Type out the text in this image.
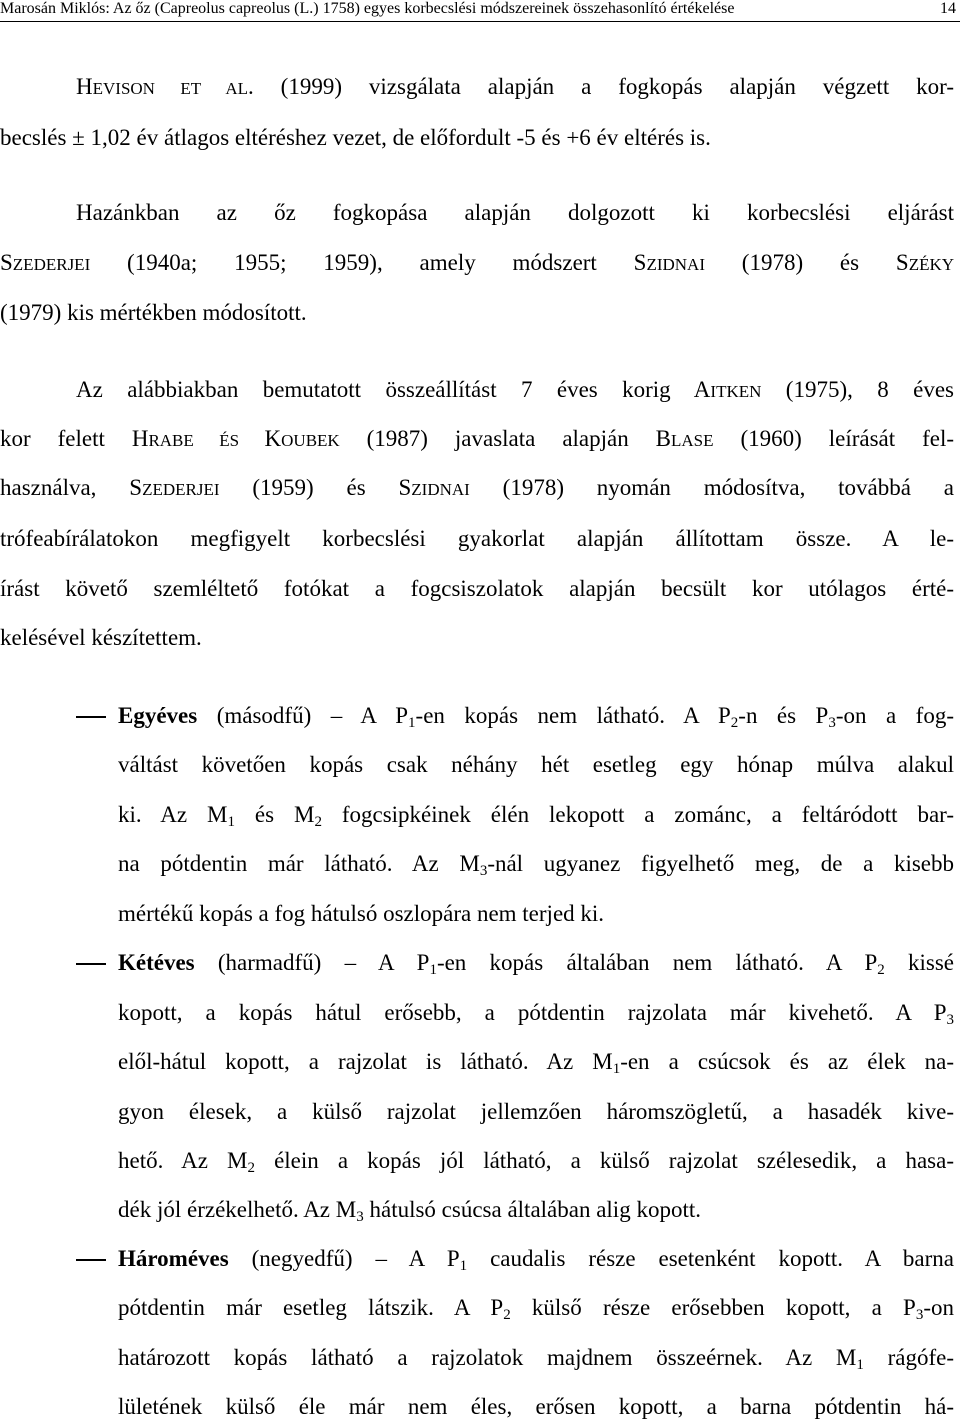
Marosán Miklós: Az őz (Capreolus capreolus (L.) 1758) egyes korbecslési módszereinek összehasonlító értékelése	14

HEVISON ET AL. (1999) vizsgálata alapján a fogkopás alapján végzett kor-

becslés ± 1,02 év átlagos eltéréshez vezet, de előfordult -5 és +6 év eltérés is.

Hazánkban az őz fogkopása alapján dolgozott ki korbecslési eljárást

SZEDERJEI (1940a; 1955; 1959), amely módszert SZIDNAI (1978) és SZÉKY

(1979) kis mértékben módosított.

Az alábbiakban bemutatott összeállítást 7 éves korig AITKEN (1975), 8 éves

kor felett HRABE ÉS KOUBEK (1987) javaslata alapján BLASE (1960) leírását fel-

használva, SZEDERJEI (1959) és SZIDNAI (1978) nyomán módosítva, továbbá a

trófeabírálatokon megfigyelt korbecslési gyakorlat alapján állítottam össze. A le-

írást követő szemléltető fotókat a fogcsiszolatok alapján becsült kor utólagos érté-

kelésével készítettem.

Egyéves (másodfű) – A $P_1-en$ kopás nem látható. A $P_2-n$ és $P_3-on$ a fog-

váltást követően kopás csak néhány hét esetleg egy hónap múlva alakul

ki. Az $M_1$ és $M_2$ fogcsipkéinek élén lekopott a zománc, a feltáródott bar-

na pótdentin már látható. Az $M_3$-nál ugyanez figyelhető meg, de a kisebb

mértékű kopás a fog hátulsó oszlopára nem terjed ki.

Kétéves (harmadfű) – A $P_1-en$ kopás általában nem látható. A $P_2$ kissé

kopott, a kopás hátul erősebb, a pótdentin rajzolata már kivehető. A $P_3$

elől-hátul kopott, a rajzolat is látható. Az $M_1-en$ a csúcsok és az élek na-

gyon élesek, a külső rajzolat jellemzően háromszögletű, a hasadék kive-

hető. Az $M_2$ élein a kopás jól látható, a külső rajzolat szélesedik, a hasa-

dék jól érzékelhető. Az $M_3$ hátulsó csúcsa általában alig kopott.

Hároméves (negyedfű) – A $P_1$ caudalis része esetenként kopott. A barna

pótdentin már esetleg látszik. A $P_2$ külső része erősebben kopott, a $P_3-on$

határozott kopás látható a rajzolatok majdnem összeérnek. Az $M_1$ rágófe-

lületének külső éle már nem éles, erősen kopott, a barna pótdentin há-
